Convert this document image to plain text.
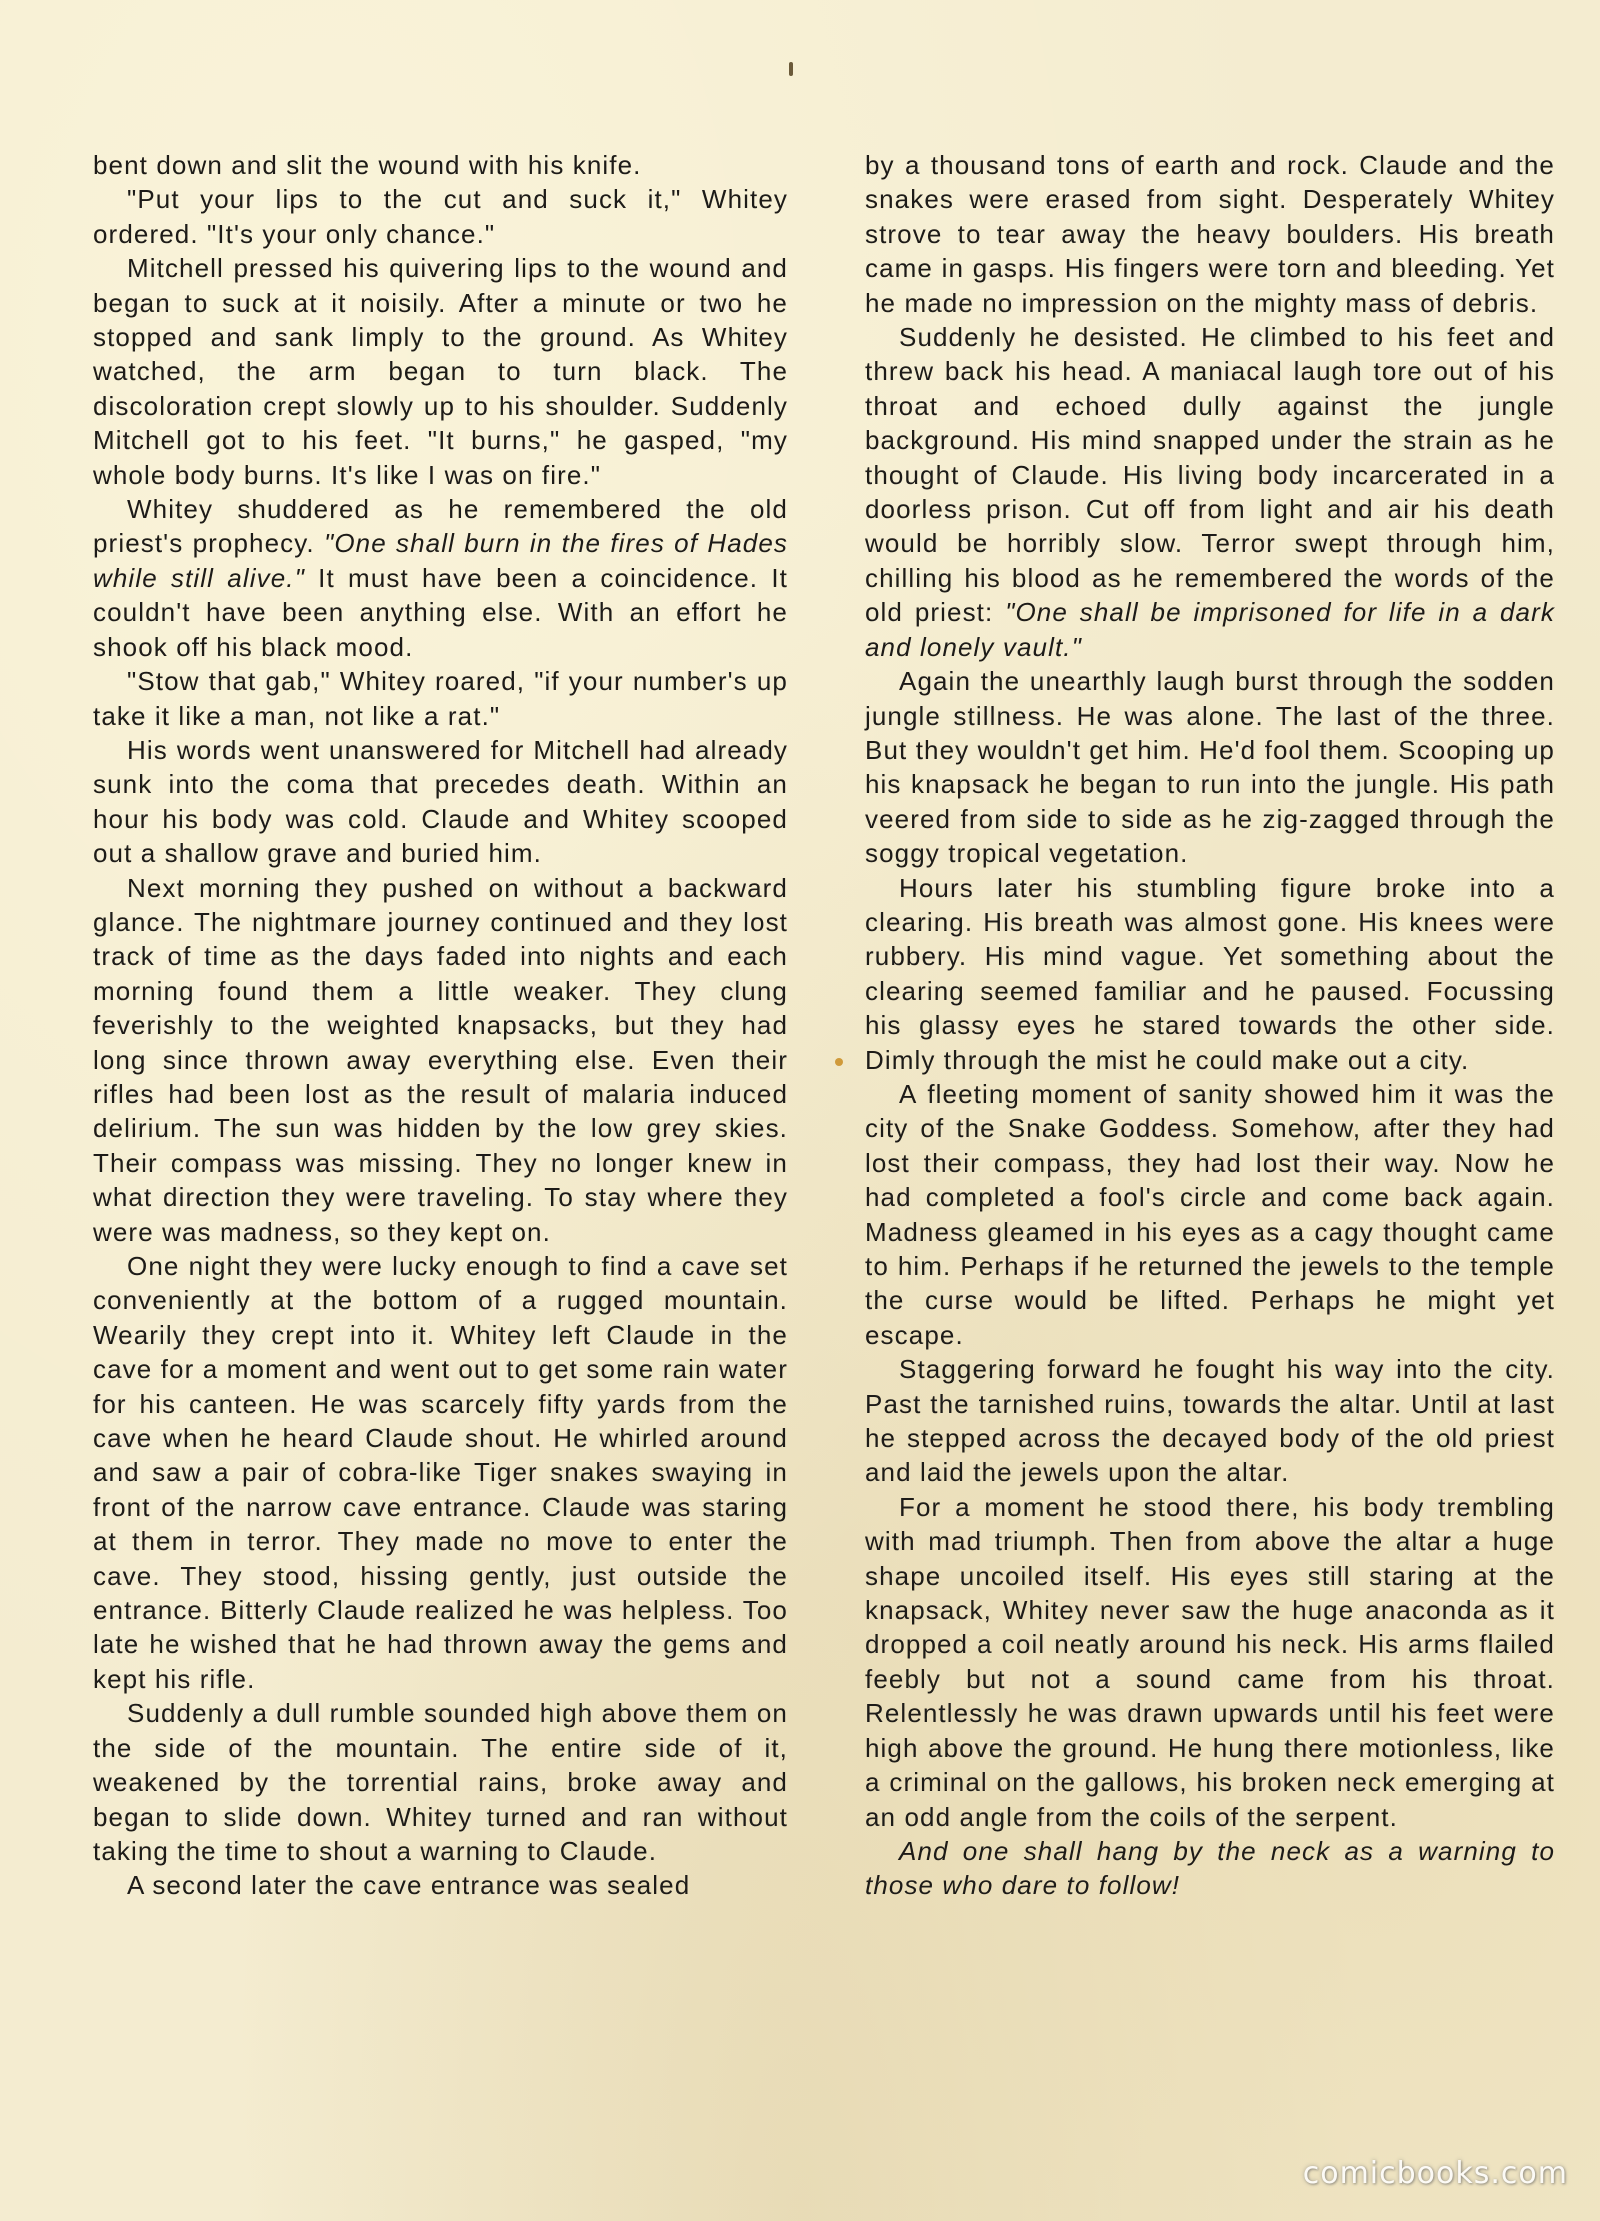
bent down and slit the wound with his knife.

"Put your lips to the cut and suck it," Whitey ordered. "It's your only chance."

Mitchell pressed his quivering lips to the wound and began to suck at it noisily. After a minute or two he stopped and sank limply to the ground. As Whitey watched, the arm began to turn black. The discoloration crept slowly up to his shoulder. Suddenly Mitchell got to his feet. "It burns," he gasped, "my whole body burns. It's like I was on fire."

Whitey shuddered as he remembered the old priest's prophecy. "One shall burn in the fires of Hades while still alive." It must have been a coincidence. It couldn't have been anything else. With an effort he shook off his black mood.

"Stow that gab," Whitey roared, "if your number's up take it like a man, not like a rat."

His words went unanswered for Mitchell had already sunk into the coma that precedes death. Within an hour his body was cold. Claude and Whitey scooped out a shallow grave and buried him.

Next morning they pushed on without a backward glance. The nightmare journey continued and they lost track of time as the days faded into nights and each morning found them a little weaker. They clung feverishly to the weighted knapsacks, but they had long since thrown away everything else. Even their rifles had been lost as the result of malaria induced delirium. The sun was hidden by the low grey skies. Their compass was missing. They no longer knew in what direction they were traveling. To stay where they were was madness, so they kept on.

One night they were lucky enough to find a cave set conveniently at the bottom of a rugged mountain. Wearily they crept into it. Whitey left Claude in the cave for a moment and went out to get some rain water for his canteen. He was scarcely fifty yards from the cave when he heard Claude shout. He whirled around and saw a pair of cobra-like Tiger snakes swaying in front of the narrow cave entrance. Claude was staring at them in terror. They made no move to enter the cave. They stood, hissing gently, just outside the entrance. Bitterly Claude realized he was helpless. Too late he wished that he had thrown away the gems and kept his rifle.

Suddenly a dull rumble sounded high above them on the side of the mountain. The entire side of it, weakened by the torrential rains, broke away and began to slide down. Whitey turned and ran without taking the time to shout a warning to Claude.

A second later the cave entrance was sealed

by a thousand tons of earth and rock. Claude and the snakes were erased from sight. Desperately Whitey strove to tear away the heavy boulders. His breath came in gasps. His fingers were torn and bleeding. Yet he made no impression on the mighty mass of debris.

Suddenly he desisted. He climbed to his feet and threw back his head. A maniacal laugh tore out of his throat and echoed dully against the jungle background. His mind snapped under the strain as he thought of Claude. His living body incarcerated in a doorless prison. Cut off from light and air his death would be horribly slow. Terror swept through him, chilling his blood as he remembered the words of the old priest: "One shall be imprisoned for life in a dark and lonely vault."

Again the unearthly laugh burst through the sodden jungle stillness. He was alone. The last of the three. But they wouldn't get him. He'd fool them. Scooping up his knapsack he began to run into the jungle. His path veered from side to side as he zig-zagged through the soggy tropical vegetation.

Hours later his stumbling figure broke into a clearing. His breath was almost gone. His knees were rubbery. His mind vague. Yet something about the clearing seemed familiar and he paused. Focussing his glassy eyes he stared towards the other side. Dimly through the mist he could make out a city.

A fleeting moment of sanity showed him it was the city of the Snake Goddess. Somehow, after they had lost their compass, they had lost their way. Now he had completed a fool's circle and come back again. Madness gleamed in his eyes as a cagy thought came to him. Perhaps if he returned the jewels to the temple the curse would be lifted. Perhaps he might yet escape.

Staggering forward he fought his way into the city. Past the tarnished ruins, towards the altar. Until at last he stepped across the decayed body of the old priest and laid the jewels upon the altar.

For a moment he stood there, his body trembling with mad triumph. Then from above the altar a huge shape uncoiled itself. His eyes still staring at the knapsack, Whitey never saw the huge anaconda as it dropped a coil neatly around his neck. His arms flailed feebly but not a sound came from his throat. Relentlessly he was drawn upwards until his feet were high above the ground. He hung there motionless, like a criminal on the gallows, his broken neck emerging at an odd angle from the coils of the serpent.

And one shall hang by the neck as a warning to those who dare to follow!

comicbooks.com
